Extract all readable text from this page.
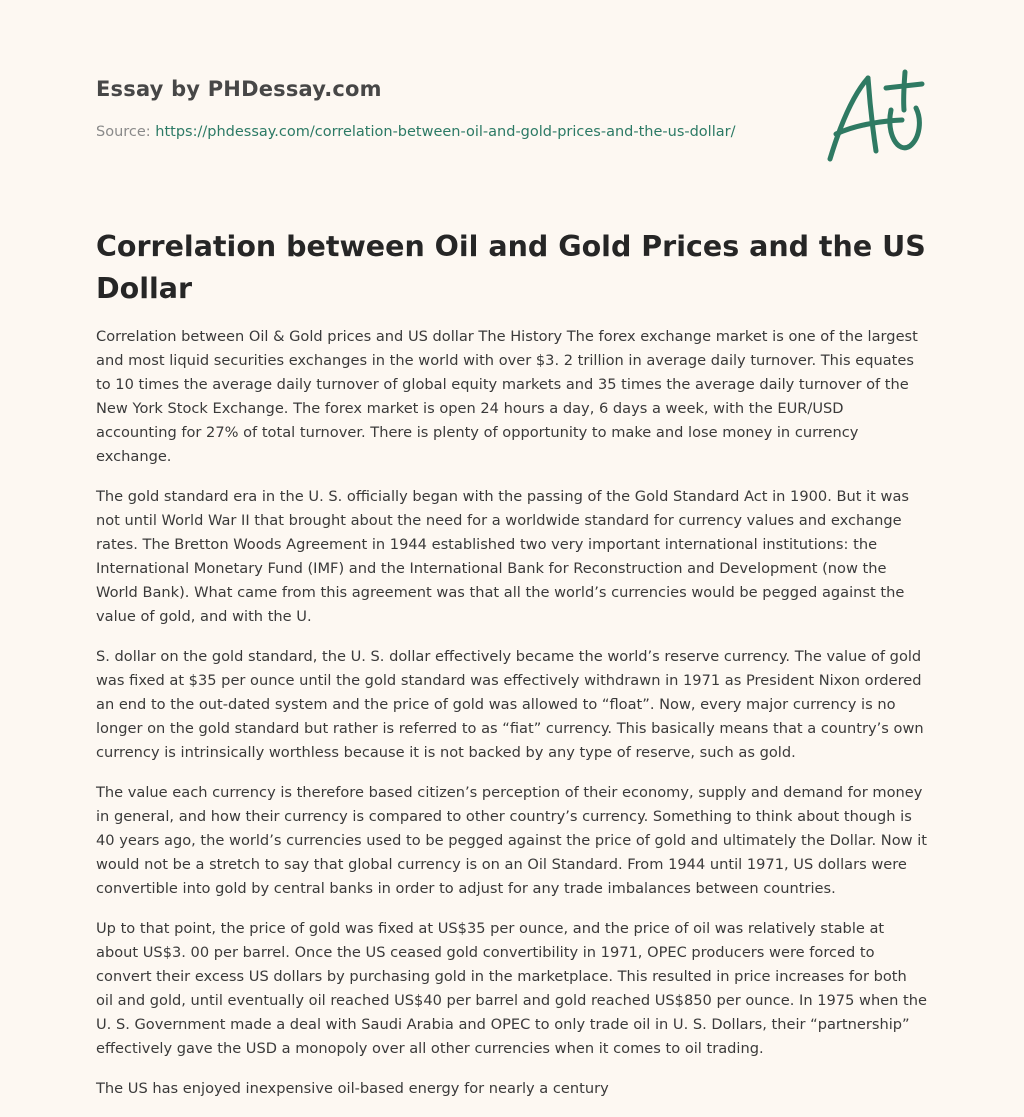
Essay by PHDessay.com
Source: https://phdessay.com/correlation-between-oil-and-gold-prices-and-the-us-dollar/
Correlation between Oil and Gold Prices and the US Dollar

Correlation between Oil & Gold prices and US dollar The History The forex exchange market is one of the largest and most liquid securities exchanges in the world with over $3. 2 trillion in average daily turnover. This equates to 10 times the average daily turnover of global equity markets and 35 times the average daily turnover of the New York Stock Exchange. The forex market is open 24 hours a day, 6 days a week, with the EUR/USD accounting for 27% of total turnover. There is plenty of opportunity to make and lose money in currency exchange.

The gold standard era in the U. S. officially began with the passing of the Gold Standard Act in 1900. But it was not until World War II that brought about the need for a worldwide standard for currency values and exchange rates. The Bretton Woods Agreement in 1944 established two very important international institutions: the International Monetary Fund (IMF) and the International Bank for Reconstruction and Development (now the World Bank). What came from this agreement was that all the world’s currencies would be pegged against the value of gold, and with the U.

S. dollar on the gold standard, the U. S. dollar effectively became the world’s reserve currency. The value of gold was fixed at $35 per ounce until the gold standard was effectively withdrawn in 1971 as President Nixon ordered an end to the out-dated system and the price of gold was allowed to “float”. Now, every major currency is no longer on the gold standard but rather is referred to as “fiat” currency. This basically means that a country’s own currency is intrinsically worthless because it is not backed by any type of reserve, such as gold.

The value each currency is therefore based citizen’s perception of their economy, supply and demand for money in general, and how their currency is compared to other country’s currency. Something to think about though is 40 years ago, the world’s currencies used to be pegged against the price of gold and ultimately the Dollar. Now it would not be a stretch to say that global currency is on an Oil Standard. From 1944 until 1971, US dollars were convertible into gold by central banks in order to adjust for any trade imbalances between countries.

Up to that point, the price of gold was fixed at US$35 per ounce, and the price of oil was relatively stable at about US$3. 00 per barrel. Once the US ceased gold convertibility in 1971, OPEC producers were forced to convert their excess US dollars by purchasing gold in the marketplace. This resulted in price increases for both oil and gold, until eventually oil reached US$40 per barrel and gold reached US$850 per ounce. In 1975 when the U. S. Government made a deal with Saudi Arabia and OPEC to only trade oil in U. S. Dollars, their “partnership” effectively gave the USD a monopoly over all other currencies when it comes to oil trading.

The US has enjoyed inexpensive oil-based energy for nearly a century
